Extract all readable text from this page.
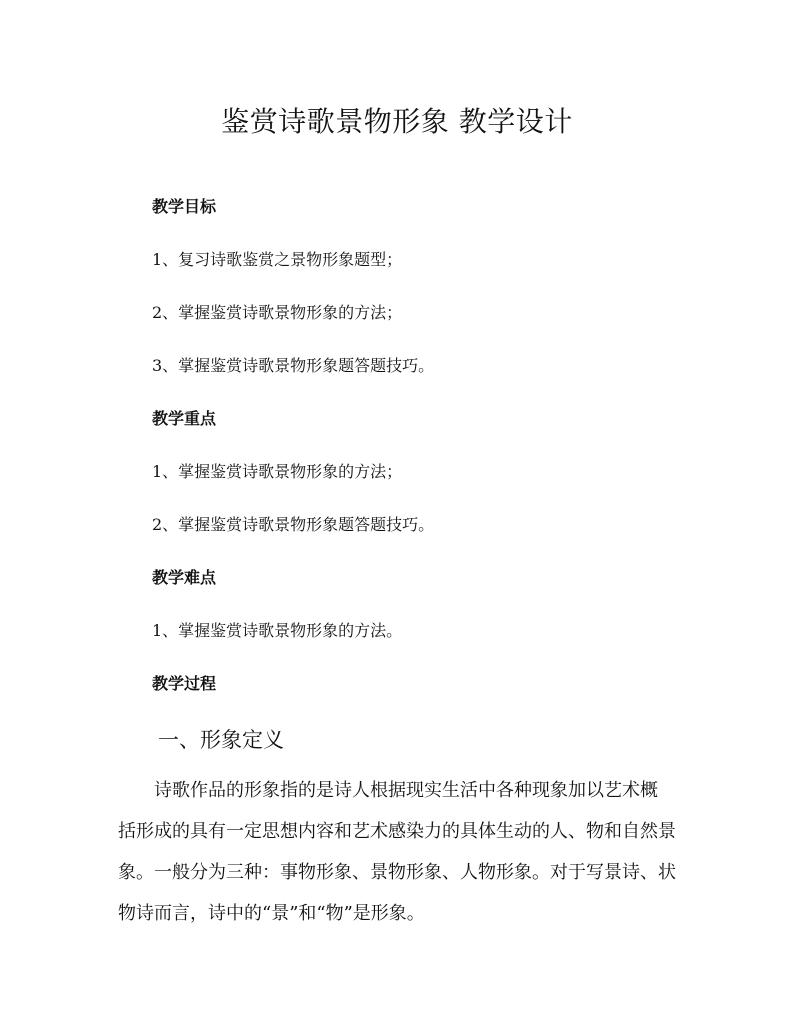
鉴赏诗歌景物形象 教学设计
教学目标
1、复习诗歌鉴赏之景物形象题型；
2、掌握鉴赏诗歌景物形象的方法；
3、掌握鉴赏诗歌景物形象题答题技巧。
教学重点
1、掌握鉴赏诗歌景物形象的方法；
2、掌握鉴赏诗歌景物形象题答题技巧。
教学难点
1、掌握鉴赏诗歌景物形象的方法。
教学过程
一、形象定义
诗歌作品的形象指的是诗人根据现实生活中各种现象加以艺术概
括形成的具有一定思想内容和艺术感染力的具体生动的人、物和自然景
象。一般分为三种：事物形象、景物形象、人物形象。对于写景诗、状
物诗而言，诗中的“景”和“物”是形象。
